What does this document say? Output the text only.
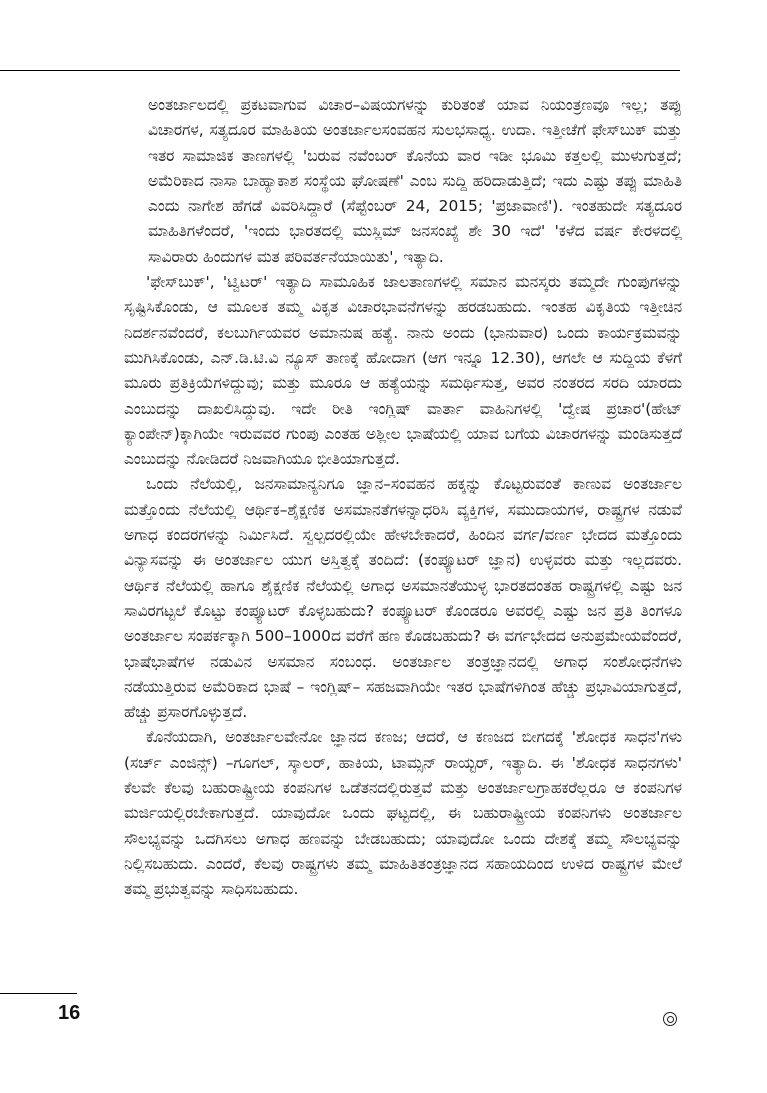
ಅಂತರ್ಜಾಲದಲ್ಲಿ ಪ್ರಕಟವಾಗುವ ವಿಚಾರ–ವಿಷಯಗಳನ್ನು ಕುರಿತಂತೆ ಯಾವ ನಿಯಂತ್ರಣವೂ ಇಲ್ಲ; ತಪ್ಪು ವಿಚಾರಗಳ, ಸತ್ಯದೂರ ಮಾಹಿತಿಯ ಅಂತರ್ಜಾಲಸಂವಹನ ಸುಲಭಸಾಧ್ಯ. ಉದಾ. ಇತ್ತೀಚೆಗೆ ಫೇಸ್‌ಬುಕ್ ಮತ್ತು ಇತರ ಸಾಮಾಜಿಕ ತಾಣಗಳಲ್ಲಿ 'ಬರುವ ನವೆಂಬರ್ ಕೊನೆಯ ವಾರ ಇಡೀ ಭೂಮಿ ಕತ್ತಲಲ್ಲಿ ಮುಳುಗುತ್ತದೆ; ಅಮೆರಿಕಾದ ನಾಸಾ ಬಾಹ್ಯಾಕಾಶ ಸಂಸ್ಥೆಯ ಘೋಷಣೆ' ಎಂಬ ಸುದ್ದಿ ಹರಿದಾಡುತ್ತಿದೆ; ಇದು ಎಷ್ಟು ತಪ್ಪು ಮಾಹಿತಿ ಎಂದು ನಾಗೇಶ ಹೆಗಡೆ ವಿವರಿಸಿದ್ದಾರೆ (ಸೆಪ್ಟೆಂಬರ್ 24, 2015; 'ಪ್ರಜಾವಾಣಿ'). ಇಂತಹುದೇ ಸತ್ಯದೂರ ಮಾಹಿತಿಗಳೆಂದರೆ, 'ಇಂದು ಭಾರತದಲ್ಲಿ ಮುಸ್ಲಿಮ್ ಜನಸಂಖ್ಯೆ ಶೇ 30 ಇದೆ' 'ಕಳೆದ ವರ್ಷ ಕೇರಳದಲ್ಲಿ ಸಾವಿರಾರು ಹಿಂದುಗಳ ಮತ ಪರಿವರ್ತನೆಯಾಯಿತು', ಇತ್ಯಾದಿ.

'ಫೇಸ್‌ಬುಕ್', 'ಟ್ವಿಟರ್' ಇತ್ಯಾದಿ ಸಾಮೂಹಿಕ ಜಾಲತಾಣಗಳಲ್ಲಿ ಸಮಾನ ಮನಸ್ಕರು ತಮ್ಮದೇ ಗುಂಪುಗಳನ್ನು ಸೃಷ್ಟಿಸಿಕೊಂಡು, ಆ ಮೂಲಕ ತಮ್ಮ ವಿಕೃತ ವಿಚಾರಭಾವನೆಗಳನ್ನು ಹರಡಬಹುದು. ಇಂತಹ ವಿಕೃತಿಯ ಇತ್ತೀಚಿನ ನಿದರ್ಶನವೆಂದರೆ, ಕಲಬುರ್ಗಿಯವರ ಅಮಾನುಷ ಹತ್ಯೆ. ನಾನು ಅಂದು (ಭಾನುವಾರ) ಒಂದು ಕಾರ್ಯಕ್ರಮವನ್ನು ಮುಗಿಸಿಕೊಂಡು, ಎನ್.ಡಿ.ಟಿ.ವಿ ನ್ಯೂಸ್ ತಾಣಕ್ಕೆ ಹೋದಾಗ (ಆಗ ಇನ್ನೂ 12.30), ಆಗಲೇ ಆ ಸುದ್ದಿಯ ಕೆಳಗೆ ಮೂರು ಪ್ರತಿಕ್ರಿಯೆಗಳಿದ್ದುವು; ಮತ್ತು ಮೂರೂ ಆ ಹತ್ಯೆಯನ್ನು ಸಮರ್ಥಿಸುತ್ತ, ಅವರ ನಂತರದ ಸರದಿ ಯಾರದು ಎಂಬುದನ್ನು ದಾಖಲಿಸಿದ್ದುವು. ಇದೇ ರೀತಿ ಇಂಗ್ಲಿಷ್ ವಾರ್ತಾ ವಾಹಿನಿಗಳಲ್ಲಿ 'ದ್ವೇಷ ಪ್ರಚಾರ'(ಹೇಟ್ ಕ್ಯಾಂಪೇನ್)ಕ್ಕಾಗಿಯೇ ಇರುವವರ ಗುಂಪು ಎಂತಹ ಅಶ್ಲೀಲ ಭಾಷೆಯಲ್ಲಿ ಯಾವ ಬಗೆಯ ವಿಚಾರಗಳನ್ನು ಮಂಡಿಸುತ್ತದೆ ಎಂಬುದನ್ನು ನೋಡಿದರೆ ನಿಜವಾಗಿಯೂ ಭೀತಿಯಾಗುತ್ತದೆ.

ಒಂದು ನೆಲೆಯಲ್ಲಿ, ಜನಸಾಮಾನ್ಯನಿಗೂ ಜ್ಞಾನ–ಸಂವಹನ ಹಕ್ಕನ್ನು ಕೊಟ್ಟರುವಂತೆ ಕಾಣುವ ಅಂತರ್ಜಾಲ ಮತ್ತೊಂದು ನೆಲೆಯಲ್ಲಿ ಆರ್ಥಿಕ–ಶೈಕ್ಷಣಿಕ ಅಸಮಾನತೆಗಳನ್ನಾಧರಿಸಿ ವ್ಯಕ್ತಿಗಳ, ಸಮುದಾಯಗಳ, ರಾಷ್ಟ್ರಗಳ ನಡುವೆ ಅಗಾಧ ಕಂದರಗಳನ್ನು ನಿರ್ಮಿಸಿದೆ. ಸ್ವಲ್ಪದರಲ್ಲಿಯೇ ಹೇಳಬೇಕಾದರೆ, ಹಿಂದಿನ ವರ್ಗ/ವರ್ಣ ಭೇದದ ಮತ್ತೊಂದು ವಿನ್ಯಾಸವನ್ನು ಈ ಅಂತರ್ಜಾಲ ಯುಗ ಅಸ್ತಿತ್ವಕ್ಕೆ ತಂದಿದೆ: (ಕಂಪ್ಯೂಟರ್ ಜ್ಞಾನ) ಉಳ್ಳವರು ಮತ್ತು ಇಲ್ಲದವರು. ಆರ್ಥಿಕ ನೆಲೆಯಲ್ಲಿ ಹಾಗೂ ಶೈಕ್ಷಣಿಕ ನೆಲೆಯಲ್ಲಿ ಅಗಾಧ ಅಸಮಾನತೆಯುಳ್ಳ ಭಾರತದಂತಹ ರಾಷ್ಟ್ರಗಳಲ್ಲಿ ಎಷ್ಟು ಜನ ಸಾವಿರಗಟ್ಟಲೆ ಕೊಟ್ಟು ಕಂಪ್ಯೂಟರ್ ಕೊಳ್ಳಬಹುದು? ಕಂಪ್ಯೂಟರ್ ಕೊಂಡರೂ ಅವರಲ್ಲಿ ಎಷ್ಟು ಜನ ಪ್ರತಿ ತಿಂಗಳೂ ಅಂತರ್ಜಾಲ ಸಂಪರ್ಕಕ್ಕಾಗಿ 500–1000ದ ವರೆಗೆ ಹಣ ಕೊಡಬಹುದು? ಈ ವರ್ಗಭೇದದ ಅನುಪ್ರಮೇಯವೆಂದರೆ, ಭಾಷೆಭಾಷೆಗಳ ನಡುವಿನ ಅಸಮಾನ ಸಂಬಂಧ. ಅಂತರ್ಜಾಲ ತಂತ್ರಜ್ಞಾನದಲ್ಲಿ ಅಗಾಧ ಸಂಶೋಧನೆಗಳು ನಡೆಯುತ್ತಿರುವ ಅಮೆರಿಕಾದ ಭಾಷೆ – ಇಂಗ್ಲಿಷ್– ಸಹಜವಾಗಿಯೇ ಇತರ ಭಾಷೆಗಳಿಗಿಂತ ಹೆಚ್ಚು ಪ್ರಭಾವಿಯಾಗುತ್ತದೆ, ಹೆಚ್ಚು ಪ್ರಸಾರಗೊಳ್ಳುತ್ತದೆ.

ಕೊನೆಯದಾಗಿ, ಅಂತರ್ಜಾಲವೇನೋ ಜ್ಞಾನದ ಕಣಜ; ಆದರೆ, ಆ ಕಣಜದ ಬೀಗದಕ್ಕೆ 'ಶೋಧಕ ಸಾಧನ'ಗಳು (ಸರ್ಚ್ ಎಂಜಿನ್ಸ್) –ಗೂಗಲ್, ಸ್ಕಾಲರ್, ಹಾಕಿಯ, ಟಾಮ್ಸನ್ ರಾಯ್ಟರ್, ಇತ್ಯಾದಿ. ಈ 'ಶೋಧಕ ಸಾಧನಗಳು' ಕೆಲವೇ ಕೆಲವು ಬಹುರಾಷ್ಟ್ರೀಯ ಕಂಪನಿಗಳ ಒಡೆತನದಲ್ಲಿರುತ್ತವೆ ಮತ್ತು ಅಂತರ್ಜಾಲಗ್ರಾಹಕರೆಲ್ಲರೂ ಆ ಕಂಪನಿಗಳ ಮರ್ಜಿಯಲ್ಲಿರಬೇಕಾಗುತ್ತದೆ. ಯಾವುದೋ ಒಂದು ಘಟ್ಟದಲ್ಲಿ, ಈ ಬಹುರಾಷ್ಟ್ರೀಯ ಕಂಪನಿಗಳು ಅಂತರ್ಜಾಲ ಸೌಲಭ್ಯವನ್ನು ಒದಗಿಸಲು ಅಗಾಧ ಹಣವನ್ನು ಬೇಡಬಹುದು; ಯಾವುದೋ ಒಂದು ದೇಶಕ್ಕೆ ತಮ್ಮ ಸೌಲಭ್ಯವನ್ನು ನಿಲ್ಲಿಸಬಹುದು. ಎಂದರೆ, ಕೆಲವು ರಾಷ್ಟ್ರಗಳು ತಮ್ಮ ಮಾಹಿತಿತಂತ್ರಜ್ಞಾನದ ಸಹಾಯದಿಂದ ಉಳಿದ ರಾಷ್ಟ್ರಗಳ ಮೇಲೆ ತಮ್ಮ ಪ್ರಭುತ್ವವನ್ನು ಸಾಧಿಸಬಹುದು.

16
